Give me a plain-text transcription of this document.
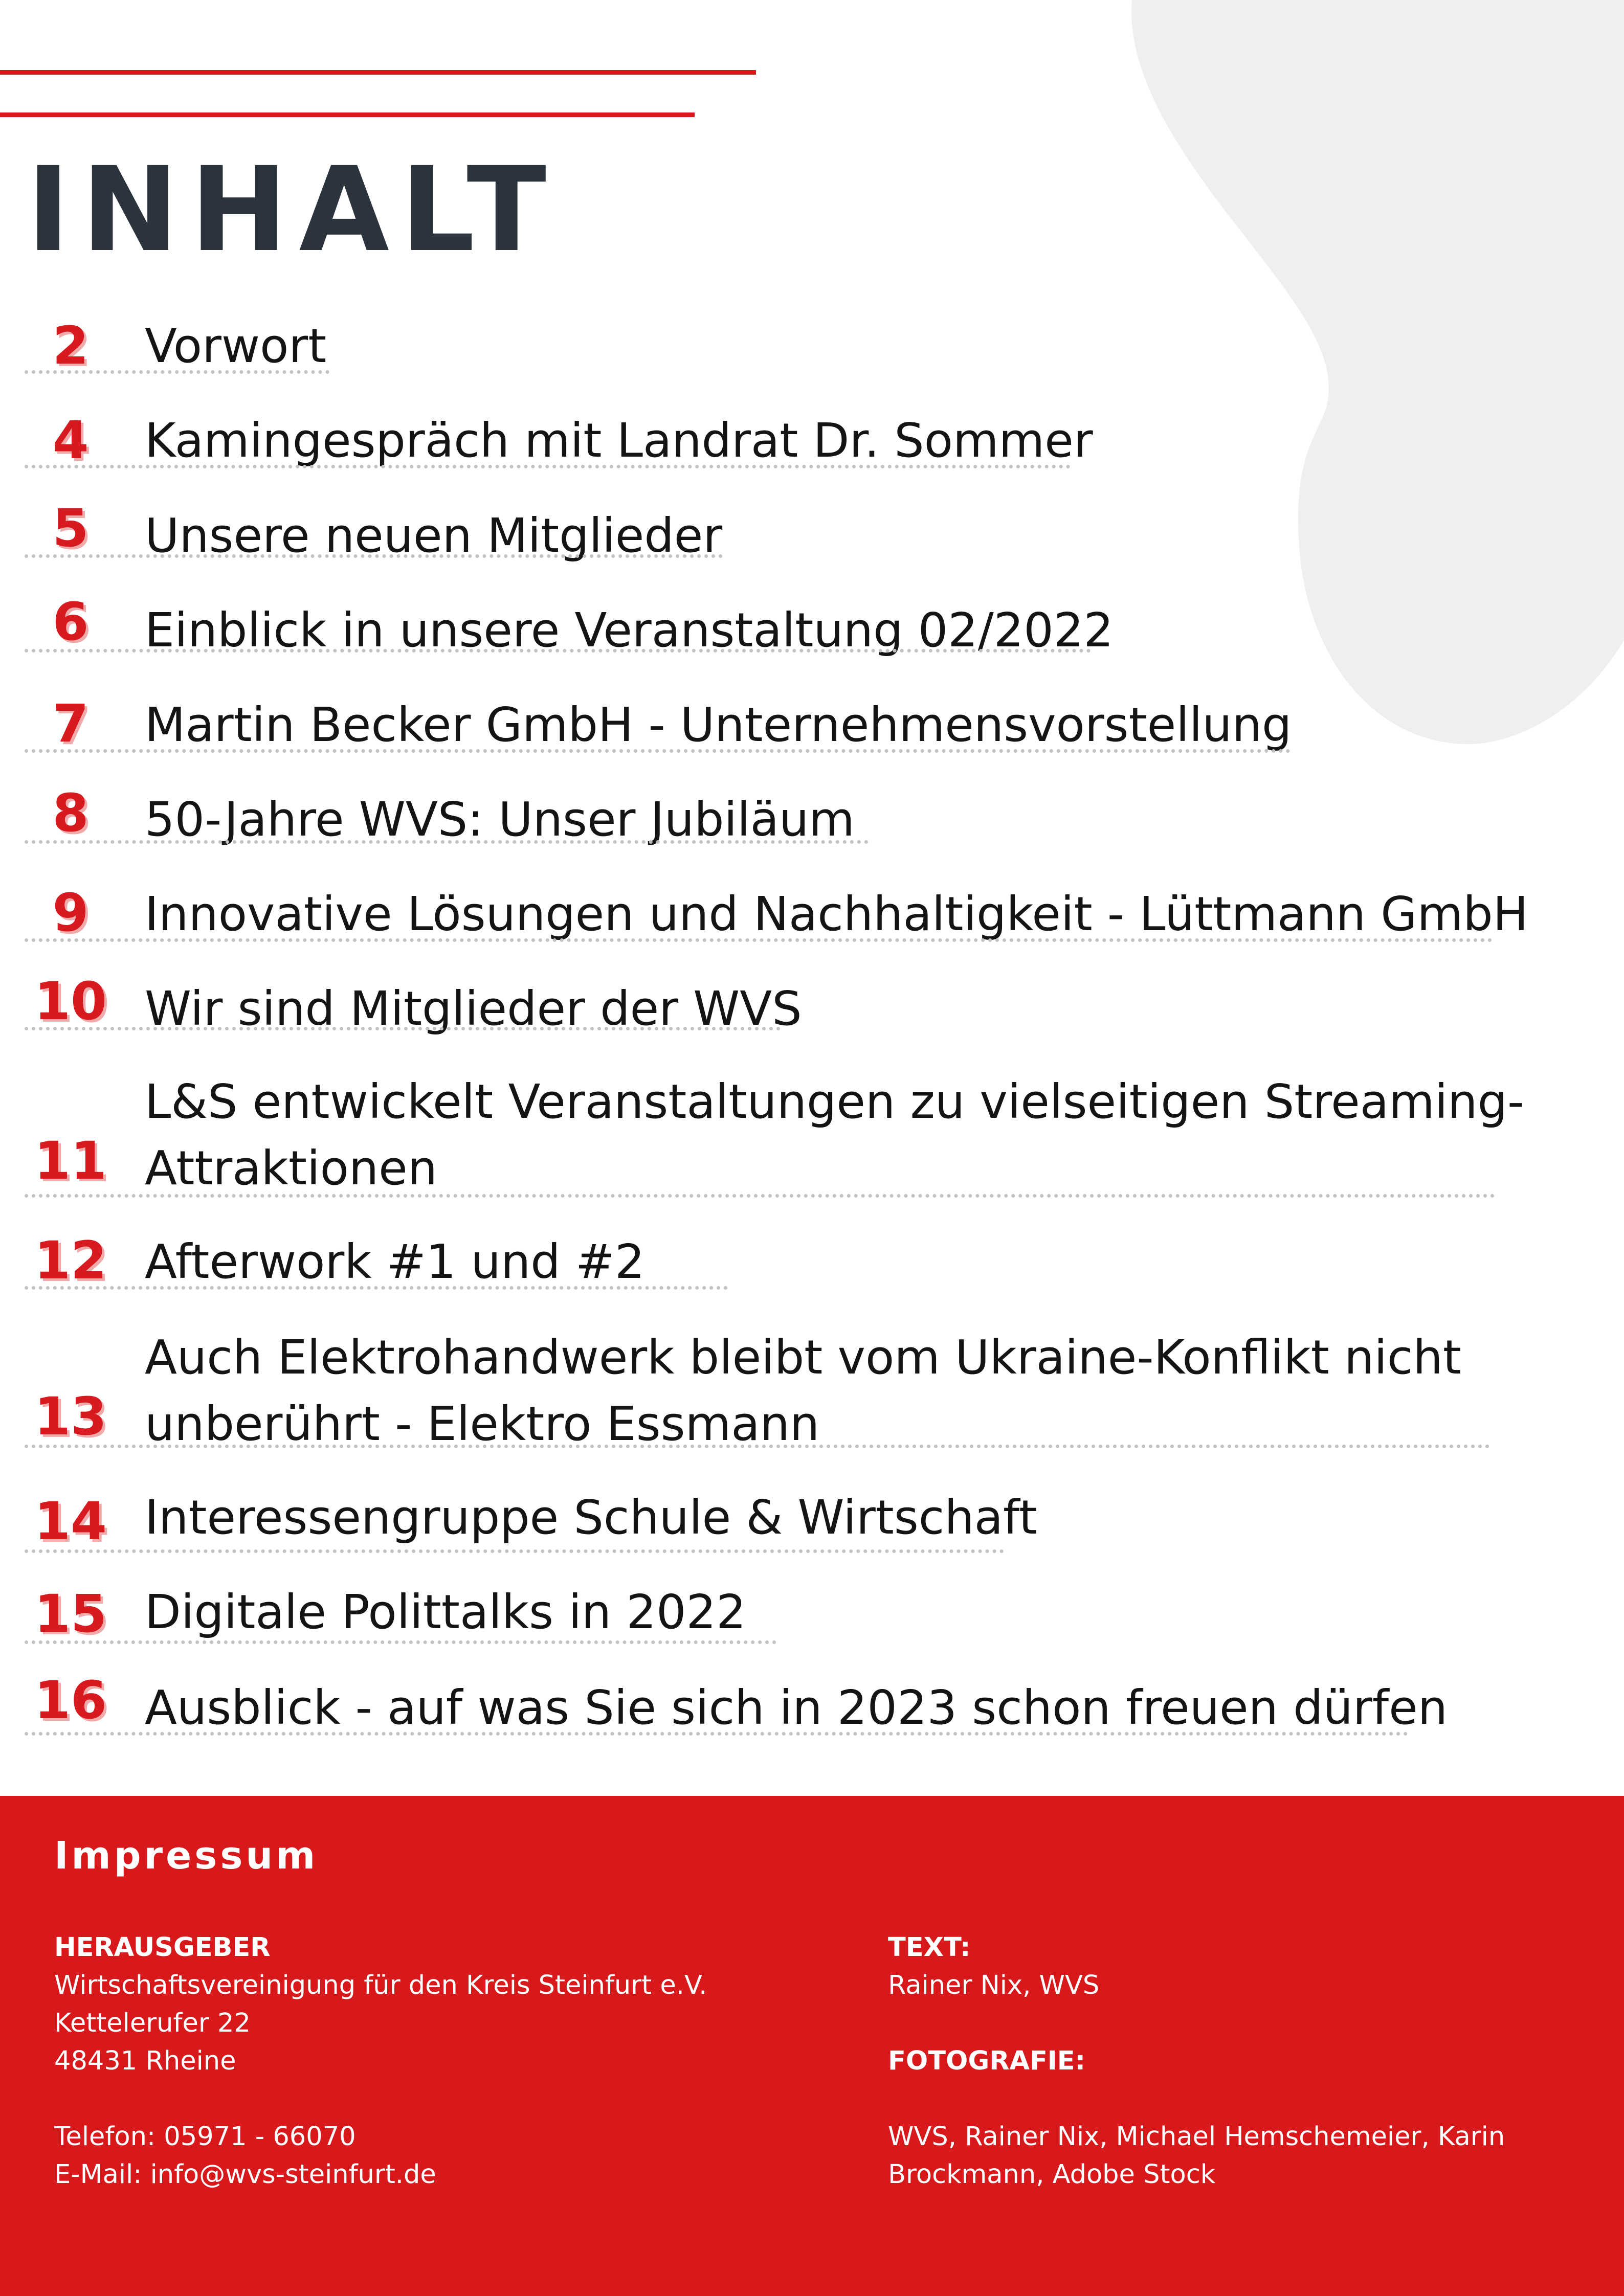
INHALT
2	Vorwort
4	Kamingespräch mit Landrat Dr. Sommer
5	Unsere neuen Mitglieder
6	Einblick in unsere Veranstaltung 02/2022
7	Martin Becker GmbH - Unternehmensvorstellung
8	50-Jahre WVS: Unser Jubiläum
9	Innovative Lösungen und Nachhaltigkeit - Lüttmann GmbH
10 Wir sind Mitglieder der WVS
11
L&S entwickelt Veranstaltungen zu vielseitigen Streaming-
Attraktionen
12 Afterwork #1 und #2
13
Auch Elektrohandwerk bleibt vom Ukraine-Konflikt nicht
unberührt - Elektro Essmann
14 Interessengruppe Schule & Wirtschaft
15 Digitale Polittalks in 2022
16 Ausblick - auf was Sie sich in 2023 schon freuen dürfen
Impressum
HERAUSGEBER
Wirtschaftsvereinigung für den Kreis Steinfurt e.V.
Kettelerufer 22
48431 Rheine
Telefon: 05971 - 66070
E-Mail: info@wvs-steinfurt.de
TEXT:
Rainer Nix, WVS
FOTOGRAFIE:
WVS, Rainer Nix, Michael Hemschemeier, Karin
Brockmann, Adobe Stock
